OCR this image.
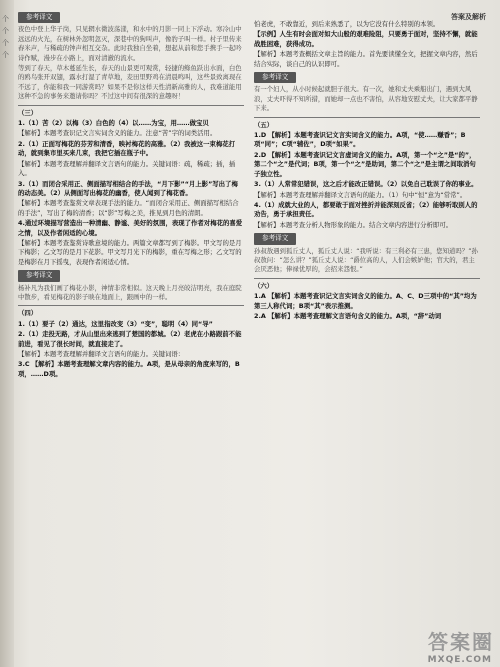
个
个
个
个
答案及解析
参考译文

夜色中登上华子岗，只见辋水微波荡漾，和水中的月影一同上下浮动。寒冷山中远远的火光，在树林外忽明忽灭，深巷中的狗叫声，像豹子叫一样。村子里传来舂米声，与稀疏的钟声相互交杂。此时我独自坐着，想起从前和您手携手一起吟诗作赋，漫步在小路上，面对清澈的流水。

等到了春天，草木蔓延生长，春天的山景更可观赏，轻捷的鲦鱼跃出水面，白色的鸥鸟张开双翅，露水打湿了青草地，麦田里野鸡在清晨鸣叫，这些景致离现在不远了，你能和我一同游赏吗？如果不是你这样天性清新高雅的人，我难道能用这种不急的事务来邀请你吗？不过这中间有很深的意趣呀！

（三）

1.（1）苦（2）以梅（3）白色的（4）以……为宝，用……做宝贝

【解析】本题考查识记文言实词含义的能力。注意“苦”字的词类活用。

2.（1）正面写梅花的芬芳和清香，映衬梅花的高雅。（2）我被这一束梅花打动，就到集市里买来几束，我把它插在瓶子中。

【解析】本题考查理解并翻译文言语句的能力。关键词语：疏，稀疏；插，插入。

3.（1）而闭合采用正、侧面描写相结合的手法，“月下影”“月上影”写出了梅的动态美。（2）从侧面写出梅花的幽香，使人闻到了梅花香。

【解析】本题考查鉴赏文章表现手法的能力。“而闭合采用正、侧面描写相结合的手法”，写出了梅的清香；以“影”写梅之美，推见到月色的清朗。

4.通过环境描写营造出一种清幽、静谧、美好的氛围，表现了作者对梅花的喜爱之情，以及作者闲适的心境。

【解析】本题考查鉴赏诗歌意境的能力。两篇文章都写到了梅影。甲文写的是月下梅影；乙文写的是月下花影。甲文写月光下的梅影，重在写梅之形；乙文写的是梅影在月下摇曳，表现作者闲适心情。

参考译文

杨补凡为我们画了梅花小影，神情非常相似。这天晚上月亮皎洁明亮，我在庭院中散步，看见梅花的影子映在地面上，跟画中的一样。

（四）

1.（1）要子（2）通达，这里指改变（3）“变”，聪明（4）同“导”

2.（1）走投无路，才从山里出来逃到了楚国的都城。（2）老虎在小路跟前不能前进，看见了很长时间，就直接走了。

【解析】本题考查理解并翻译文言语句的能力。关键词语：

3.C 【解析】本题考查理解文章内容的能力。A项，是从母亲的角度来写的，B项，……D项。

怕老虎，不敢靠近，到后来熟悉了，以为它没有什么特别的本领。

【示例】人生有时会面对如大山般的艰难险阻，只要勇于面对，坚持不懈，就能战胜困难，获得成功。

【解析】本题考查概括文章主旨的能力。首先要读懂全文，把握文章内容，然后结合实际，谈自己的认识即可。

参考译文

有一个妇人，从小时候起就胆子很大。有一次，她和丈夫乘船出门，遇到大风浪，丈夫吓得不知所措，而她却一点也不害怕，从容地安慰丈夫，让大家都平静下来。

（五）

1.D 【解析】本题考查识记文言实词含义的能力。A项，“使……赚香”；B项“同”；C项“辅佐”，D项“如果”。

2.D 【解析】本题考查识记文言虚词含义的能力。A项，第一个“之”是“的”，第二个“之”是代词；B项，第一个“之”是助词，第二个“之”是主谓之间取消句子独立性。

3.（1）人常常犯错误，这之后才能改正错误。（2）以免自己耽误了你的事业。

【解析】本题考查理解并翻译文言语句的能力。（1）句中“恒”意为“常常”。

4.（1）成就大业的人，都要敢于面对挫折并能深刻反省；（2）能够听取别人的劝告，勇于承担责任。

【解析】本题考查分析人物形象的能力。结合文章内容进行分析即可。

参考译文

孙叔敖遇到狐丘丈人，狐丘丈人说：“我听说：有三利必有三患，您知道吗？”孙叔敖问：“怎么讲？”狐丘丈人说：“爵位高的人，人们会嫉妒他；官大的，君主会厌恶他；俸禄优厚的，会招来怨恨。”

（六）

1.A 【解析】本题考查识记文言实词含义的能力。A、C、D三项中的“其”均为第三人称代词；B项“其”表示推测。

2.A 【解析】本题考查理解文言语句含义的能力。A项，“辞”动词

答案圈
MXQE.COM
